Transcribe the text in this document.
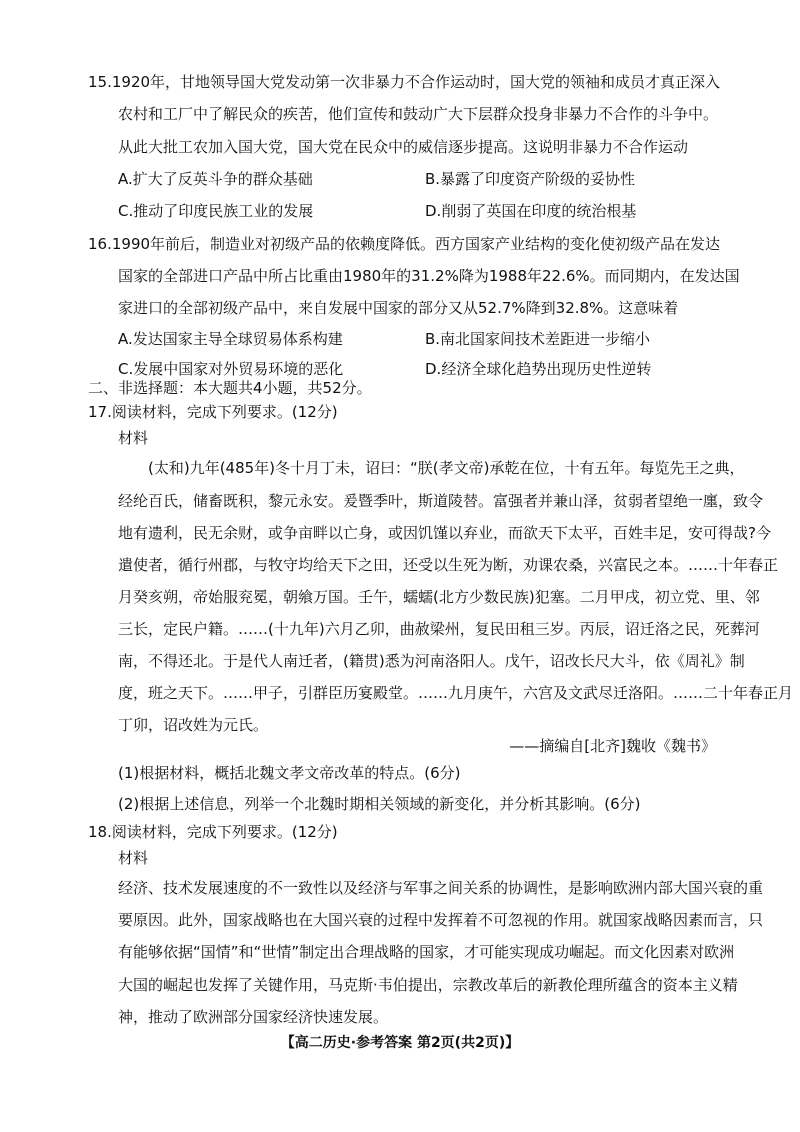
15.1920年，甘地领导国大党发动第一次非暴力不合作运动时，国大党的领袖和成员才真正深入
农村和工厂中了解民众的疾苦，他们宣传和鼓动广大下层群众投身非暴力不合作的斗争中。
从此大批工农加入国大党，国大党在民众中的威信逐步提高。这说明非暴力不合作运动
A.扩大了反英斗争的群众基础	B.暴露了印度资产阶级的妥协性
C.推动了印度民族工业的发展	D.削弱了英国在印度的统治根基
16.1990年前后，制造业对初级产品的依赖度降低。西方国家产业结构的变化使初级产品在发达
国家的全部进口产品中所占比重由1980年的31.2%降为1988年22.6%。而同期内，在发达国
家进口的全部初级产品中，来自发展中国家的部分又从52.7%降到32.8%。这意味着
A.发达国家主导全球贸易体系构建	B.南北国家间技术差距进一步缩小
C.发展中国家对外贸易环境的恶化	D.经济全球化趋势出现历史性逆转
二、非选择题：本大题共4小题，共52分。
17.阅读材料，完成下列要求。(12分)
材料
(太和)九年(485年)冬十月丁未，诏曰：“朕(孝文帝)承乾在位，十有五年。每览先王之典，
经纶百氏，储畜既积，黎元永安。爰暨季叶，斯道陵替。富强者并兼山泽，贫弱者望绝一廛，致令
地有遗利，民无余财，或争亩畔以亡身，或因饥馑以弃业，而欲天下太平，百姓丰足，安可得哉?今
遣使者，循行州郡，与牧守均给天下之田，还受以生死为断，劝课农桑，兴富民之本。……十年春正
月癸亥朔，帝始服兖冕，朝飨万国。壬午，蠕蠕(北方少数民族)犯塞。二月甲戌，初立党、里、邻
三长，定民户籍。……(十九年)六月乙卯，曲赦梁州，复民田租三岁。丙辰，诏迁洛之民，死葬河
南，不得还北。于是代人南迁者，(籍贯)悉为河南洛阳人。戊午，诏改长尺大斗，依《周礼》制
度，班之天下。……甲子，引群臣历宴殿堂。……九月庚午，六宫及文武尽迁洛阳。……二十年春正月
丁卯，诏改姓为元氏。
——摘编自[北齐]魏收《魏书》
(1)根据材料，概括北魏文孝文帝改革的特点。(6分)
(2)根据上述信息，列举一个北魏时期相关领域的新变化，并分析其影响。(6分)
18.阅读材料，完成下列要求。(12分)
材料
经济、技术发展速度的不一致性以及经济与军事之间关系的协调性，是影响欧洲内部大国兴衰的重
要原因。此外，国家战略也在大国兴衰的过程中发挥着不可忽视的作用。就国家战略因素而言，只
有能够依据“国情”和“世情”制定出合理战略的国家，才可能实现成功崛起。而文化因素对欧洲
大国的崛起也发挥了关键作用，马克斯·韦伯提出，宗教改革后的新教伦理所蕴含的资本主义精
神，推动了欧洲部分国家经济快速发展。
【高二历史·参考答案 第2页(共2页)】
